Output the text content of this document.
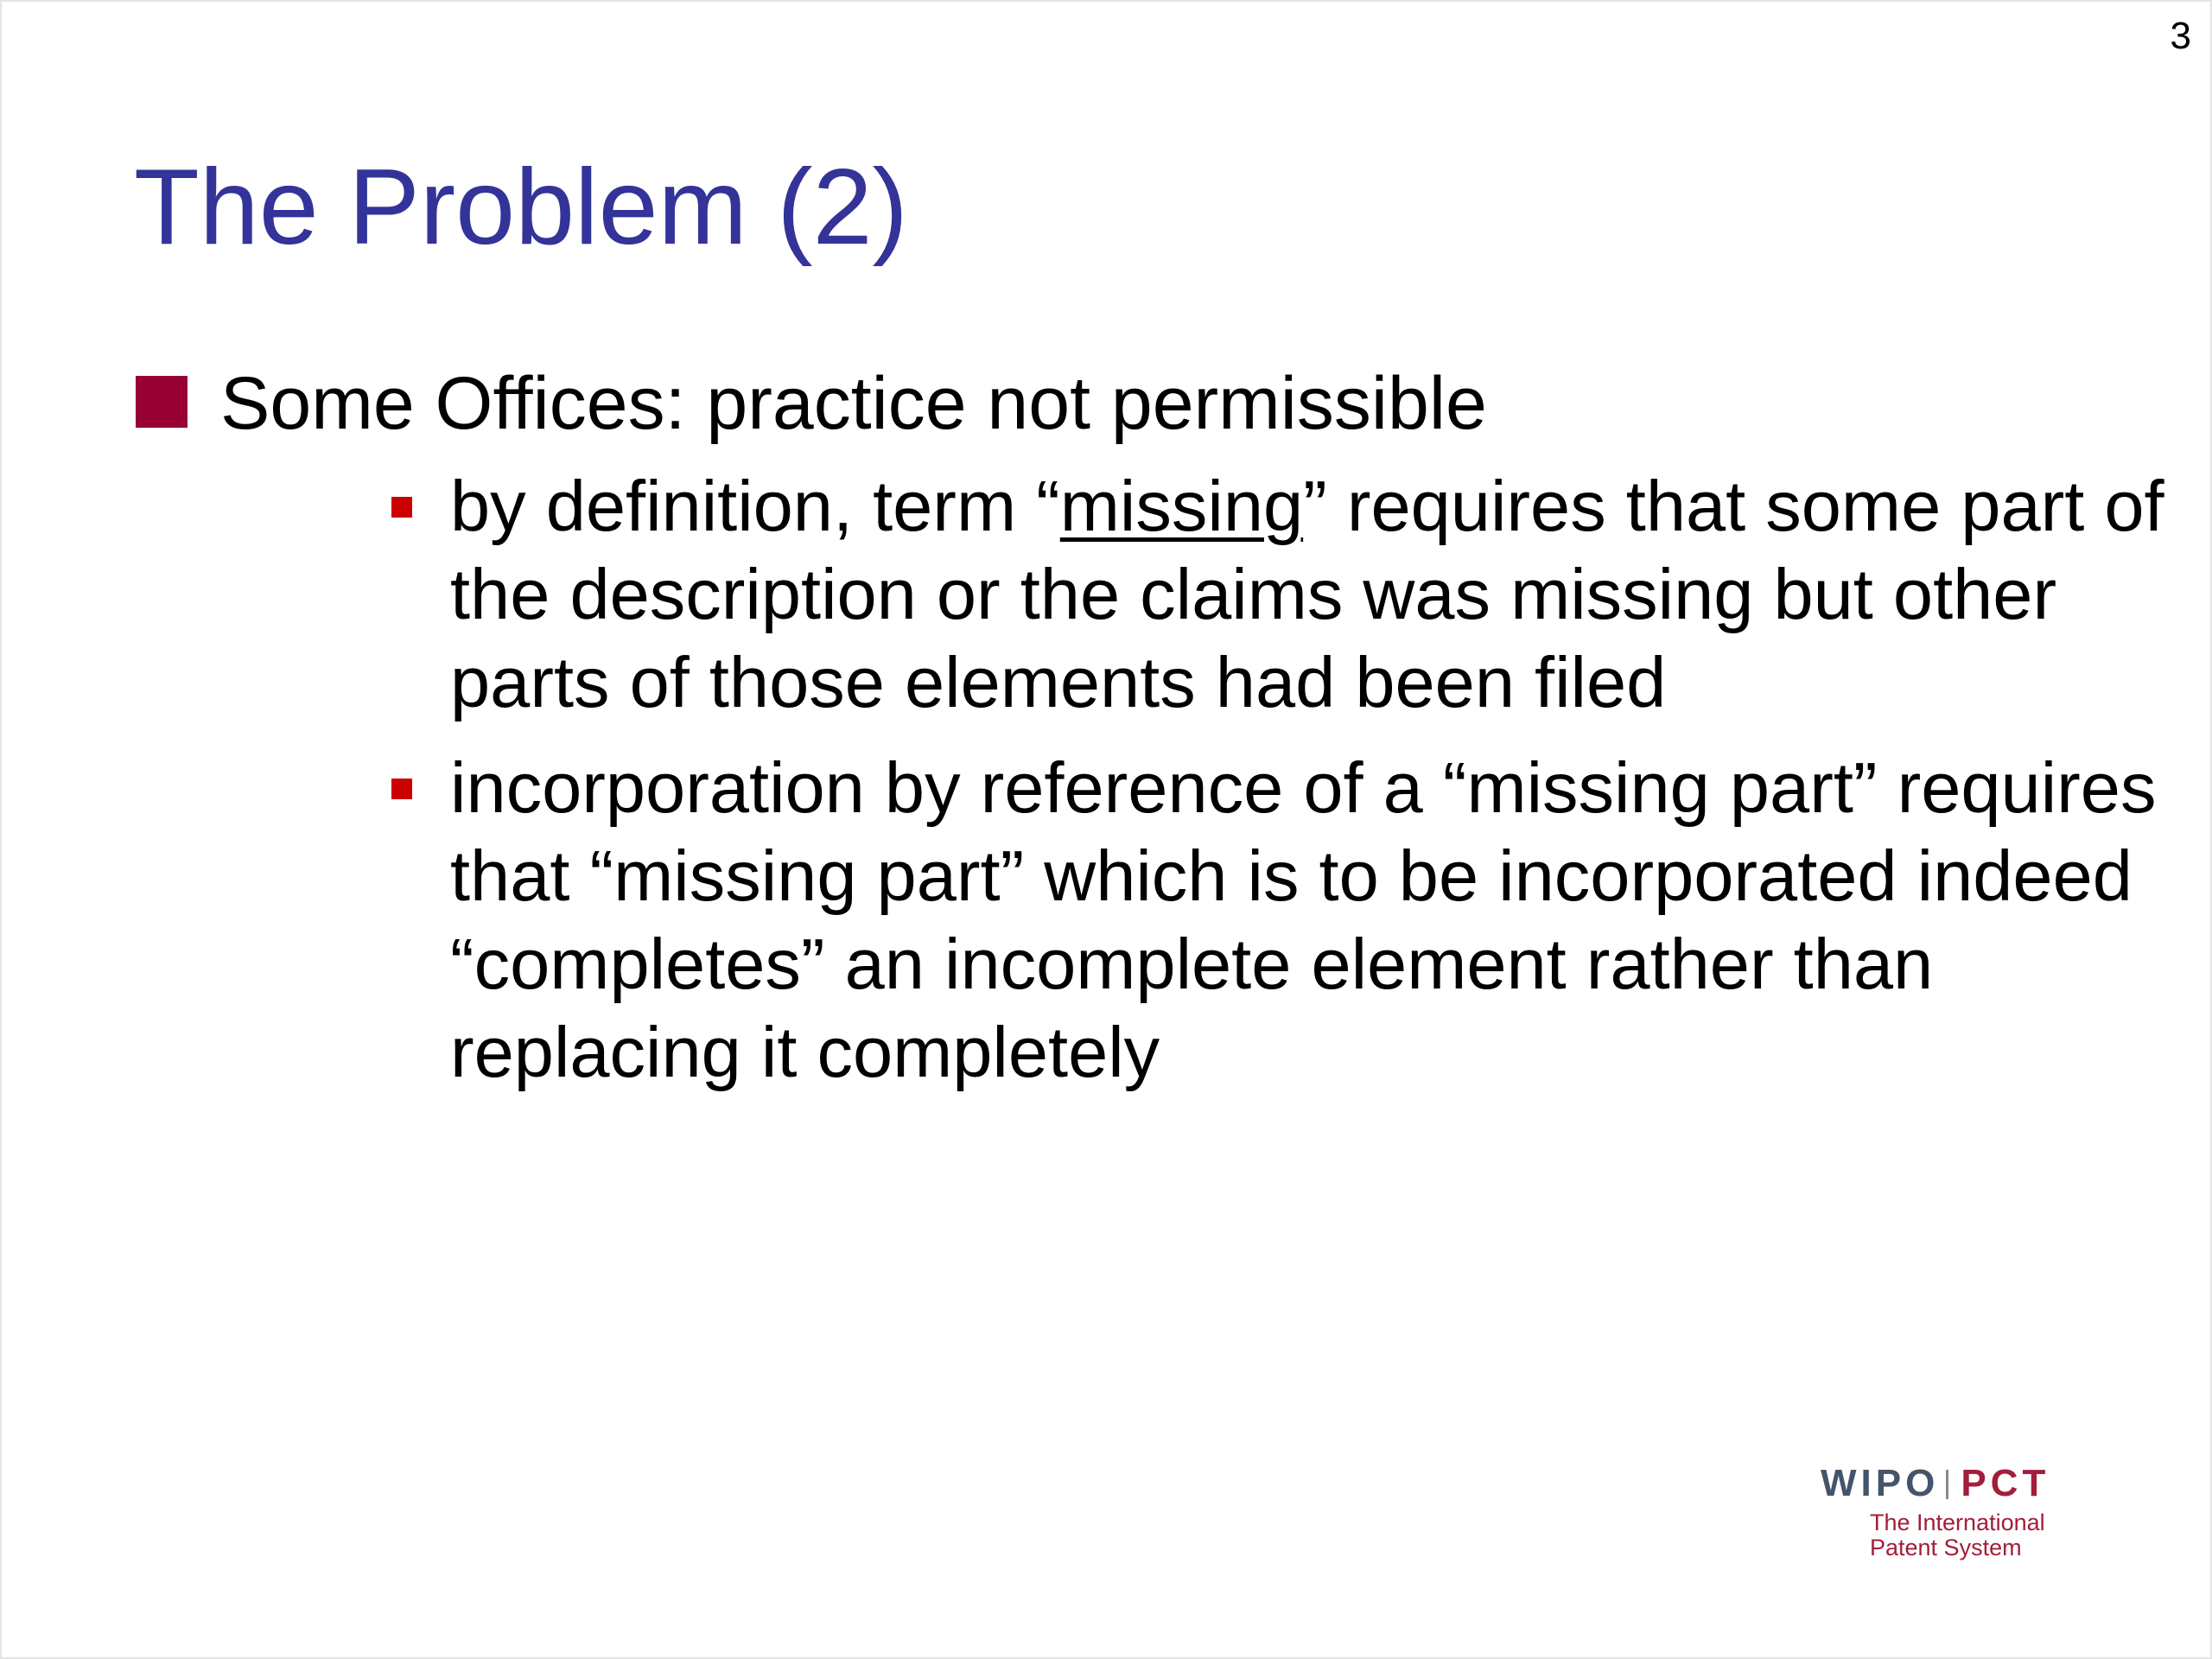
3
The Problem (2)
Some Offices: practice not permissible
by definition, term “missing” requires that some part of
the description or the claims was missing but other
parts of those elements had been filed
incorporation by reference of a “missing part” requires
that “missing part” which is to be incorporated indeed
“completes” an incomplete element rather than
replacing it completely
WIPO PCT
The International
Patent System
